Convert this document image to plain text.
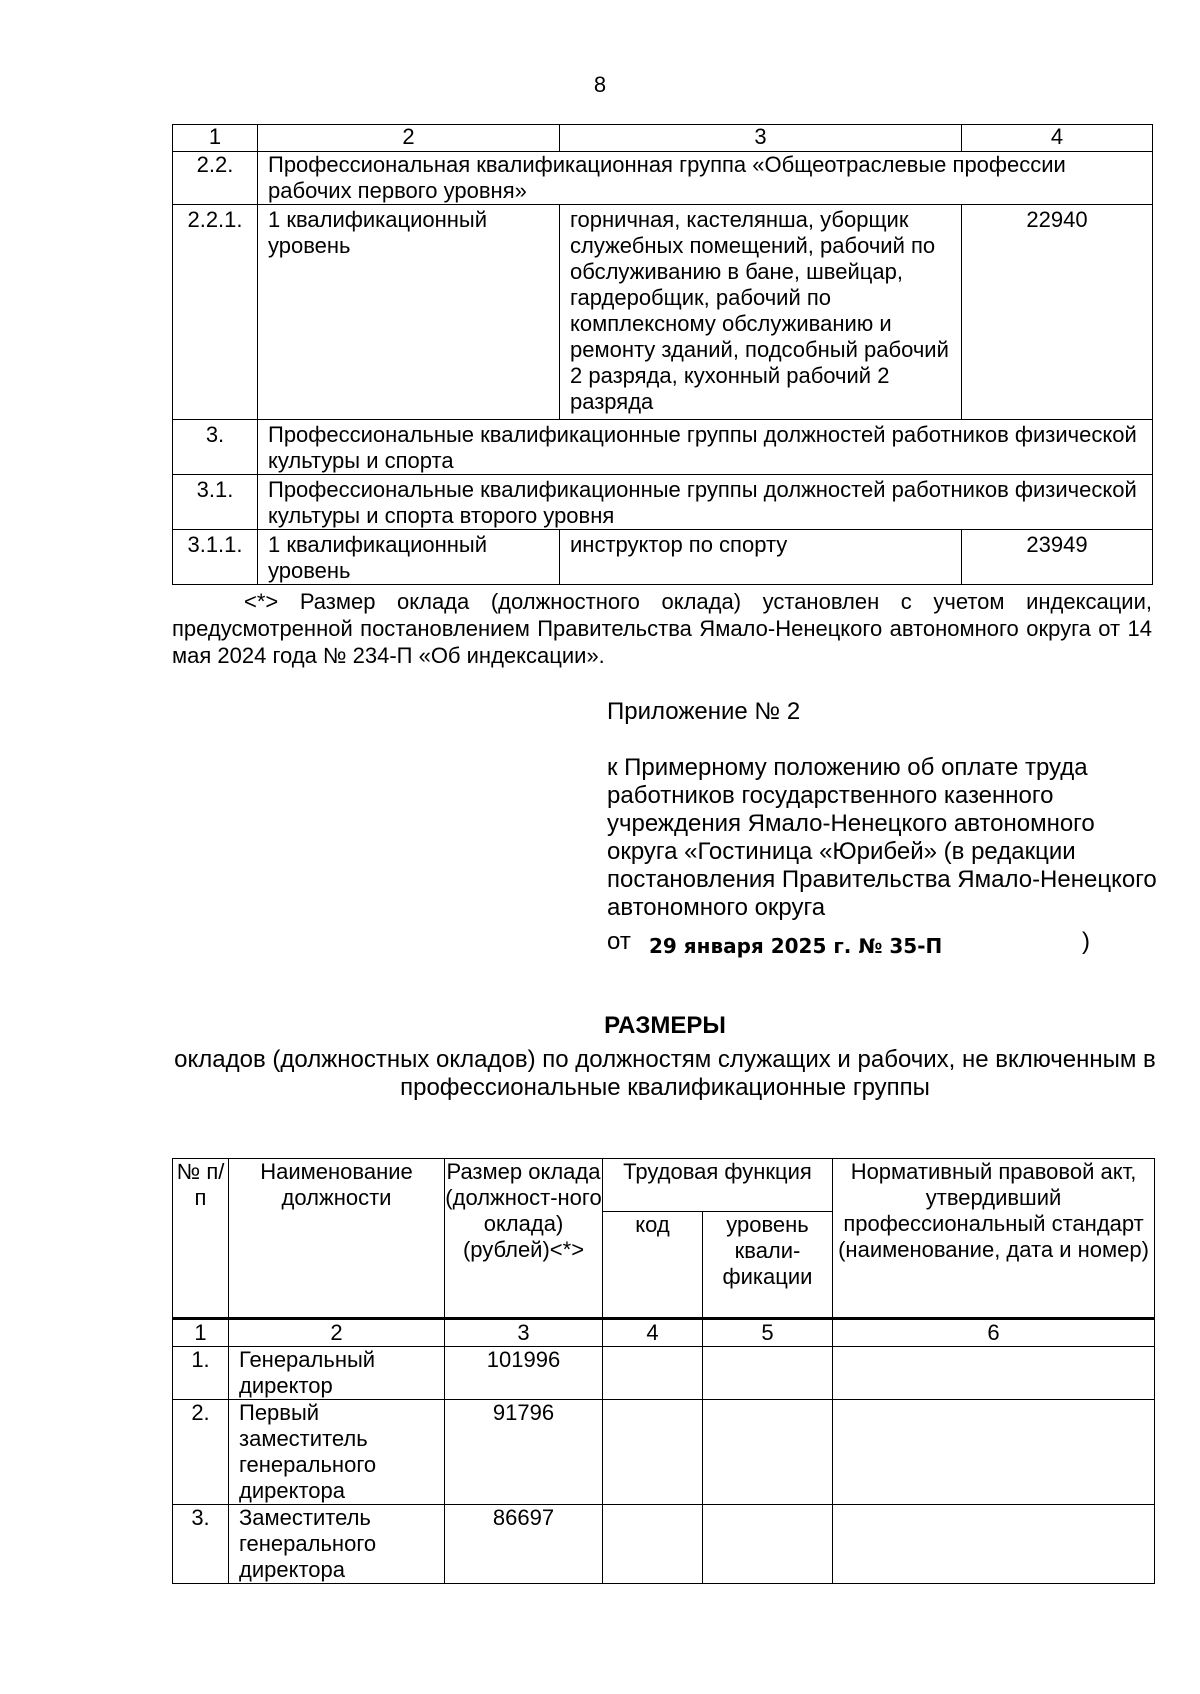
8
1	2	3	4
2.2.	Профессиональная квалификационная группа «Общеотраслевые профессии рабочих первого уровня»		
2.2.1.	1 квалификационный уровень	горничная, кастелянша, уборщик служебных помещений, рабочий по обслуживанию в бане, швейцар, гардеробщик, рабочий по комплексному обслуживанию и ремонту зданий, подсобный рабочий 2 разряда, кухонный рабочий 2 разряда	22940
3.	Профессиональные квалификационные группы должностей работников физической культуры и спорта		
3.1.	Профессиональные квалификационные группы должностей работников физической культуры и спорта второго уровня		
3.1.1.	1 квалификационный уровень	инструктор по спорту	23949
<*> Размер оклада (должностного оклада) установлен с учетом индексации, предусмотренной постановлением Правительства Ямало-Ненецкого автономного округа от 14 мая 2024 года № 234-П «Об индексации».
Приложение № 2
к Примерному положению об оплате труда работников государственного казенного учреждения Ямало-Ненецкого автономного округа «Гостиница «Юрибей» (в редакции постановления Правительства Ямало-Ненецкого автономного округа
от 29 января 2025 г. № 35-П	)
РАЗМЕРЫ
окладов (должностных окладов) по должностям служащих и рабочих, не включенным в профессиональные квалификационные группы
№ п/п	Наименование должности	Размер оклада (должност-ного оклада) (рублей)<*>	Трудовая функция		Нормативный правовой акт, утвердивший профессиональный стандарт (наименование, дата и номер)
			код	уровень квали-фикации	
1	2	3	4	5	6
1.	Генеральный директор	101996			
2.	Первый заместитель генерального директора	91796			
3.	Заместитель генерального директора	86697			
